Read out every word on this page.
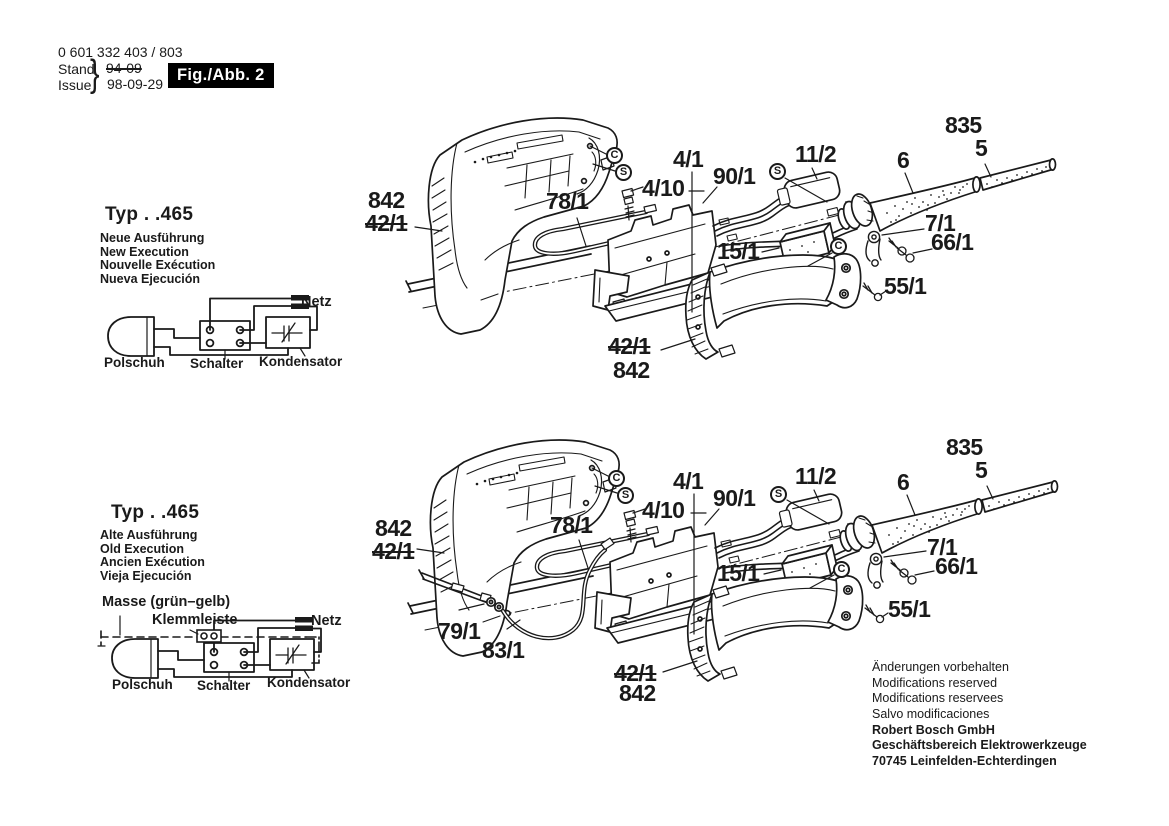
0 601 332 403 / 803
Stand
Issue
} 94-09
98-09-29 Fig./Abb. 2
Typ . .465
Neue Ausführung
New Execution
Nouvelle Exécution
Nueva Ejecución
Netz
Polschuh Schalter Kondensator
Typ . .465
Alte Ausführung
Old Execution
Ancien Exécution
Vieja Ejecución
Masse (grün–gelb)
Klemmleiste	Netz
Polschuh Schalter Kondensator
842
42/1
78/1
4/1
4/10 90/1
11/2	6
835
5
7/1
66/1
55/1
15/1
42/1
842
C
S	S
C
842
42/1
78/1
4/1
4/10 90/1
11/2	6
835
5
7/1
66/1
55/1
15/1
79/1
83/1
42/1
842
C
S	S
C
Änderungen vorbehalten
Modifications reserved
Modifications reservees
Salvo modificaciones
Robert Bosch GmbH
Geschäftsbereich Elektrowerkzeuge
70745 Leinfelden-Echterdingen
